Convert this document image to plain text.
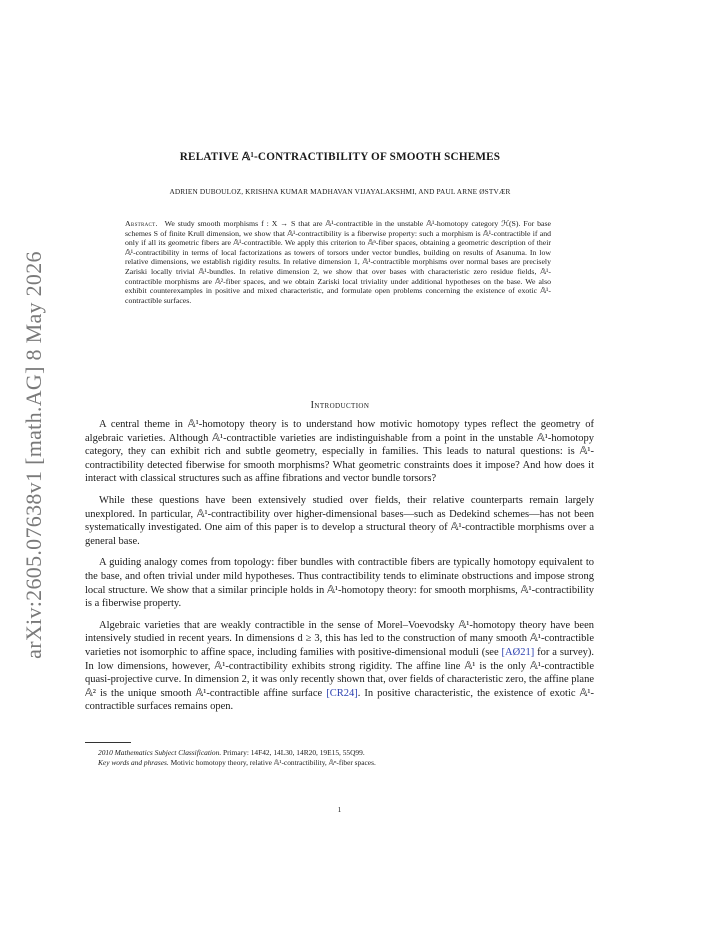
arXiv:2605.07638v1 [math.AG] 8 May 2026
RELATIVE 𝔸¹-CONTRACTIBILITY OF SMOOTH SCHEMES
ADRIEN DUBOULOZ, KRISHNA KUMAR MADHAVAN VIJAYALAKSHMI, AND PAUL ARNE ØSTVÆR
Abstract. We study smooth morphisms f : X → S that are 𝔸¹-contractible in the unstable 𝔸¹-homotopy category ℋ(S). For base schemes S of finite Krull dimension, we show that 𝔸¹-contractibility is a fiberwise property: such a morphism is 𝔸¹-contractible if and only if all its geometric fibers are 𝔸¹-contractible. We apply this criterion to 𝔸ⁿ-fiber spaces, obtaining a geometric description of their 𝔸¹-contractibility in terms of local factorizations as towers of torsors under vector bundles, building on results of Asanuma. In low relative dimensions, we establish rigidity results. In relative dimension 1, 𝔸¹-contractible morphisms over normal bases are precisely Zariski locally trivial 𝔸¹-bundles. In relative dimension 2, we show that over bases with characteristic zero residue fields, 𝔸¹-contractible morphisms are 𝔸²-fiber spaces, and we obtain Zariski local triviality under additional hypotheses on the base. We also exhibit counterexamples in positive and mixed characteristic, and formulate open problems concerning the existence of exotic 𝔸¹-contractible surfaces.
Introduction

A central theme in 𝔸¹-homotopy theory is to understand how motivic homotopy types reflect the geometry of algebraic varieties. Although 𝔸¹-contractible varieties are indistinguishable from a point in the unstable 𝔸¹-homotopy category, they can exhibit rich and subtle geometry, especially in families. This leads to natural questions: is 𝔸¹-contractibility detected fiberwise for smooth morphisms? What geometric constraints does it impose? And how does it interact with classical structures such as affine fibrations and vector bundle torsors?

While these questions have been extensively studied over fields, their relative counterparts remain largely unexplored. In particular, 𝔸¹-contractibility over higher-dimensional bases—such as Dedekind schemes—has not been systematically investigated. One aim of this paper is to develop a structural theory of 𝔸¹-contractible morphisms over a general base.

A guiding analogy comes from topology: fiber bundles with contractible fibers are typically homotopy equivalent to the base, and often trivial under mild hypotheses. Thus contractibility tends to eliminate obstructions and impose strong local structure. We show that a similar principle holds in 𝔸¹-homotopy theory: for smooth morphisms, 𝔸¹-contractibility is a fiberwise property.

Algebraic varieties that are weakly contractible in the sense of Morel–Voevodsky 𝔸¹-homotopy theory have been intensively studied in recent years. In dimensions d ≥ 3, this has led to the construction of many smooth 𝔸¹-contractible varieties not isomorphic to affine space, including families with positive-dimensional moduli (see [AØ21] for a survey). In low dimensions, however, 𝔸¹-contractibility exhibits strong rigidity. The affine line 𝔸¹ is the only 𝔸¹-contractible quasi-projective curve. In dimension 2, it was only recently shown that, over fields of characteristic zero, the affine plane 𝔸² is the unique smooth 𝔸¹-contractible affine surface [CR24]. In positive characteristic, the existence of exotic 𝔸¹-contractible surfaces remains open.

2010 Mathematics Subject Classification. Primary: 14F42, 14L30, 14R20, 19E15, 55Q99.
Key words and phrases. Motivic homotopy theory, relative 𝔸¹-contractibility, 𝔸ⁿ-fiber spaces.
1
